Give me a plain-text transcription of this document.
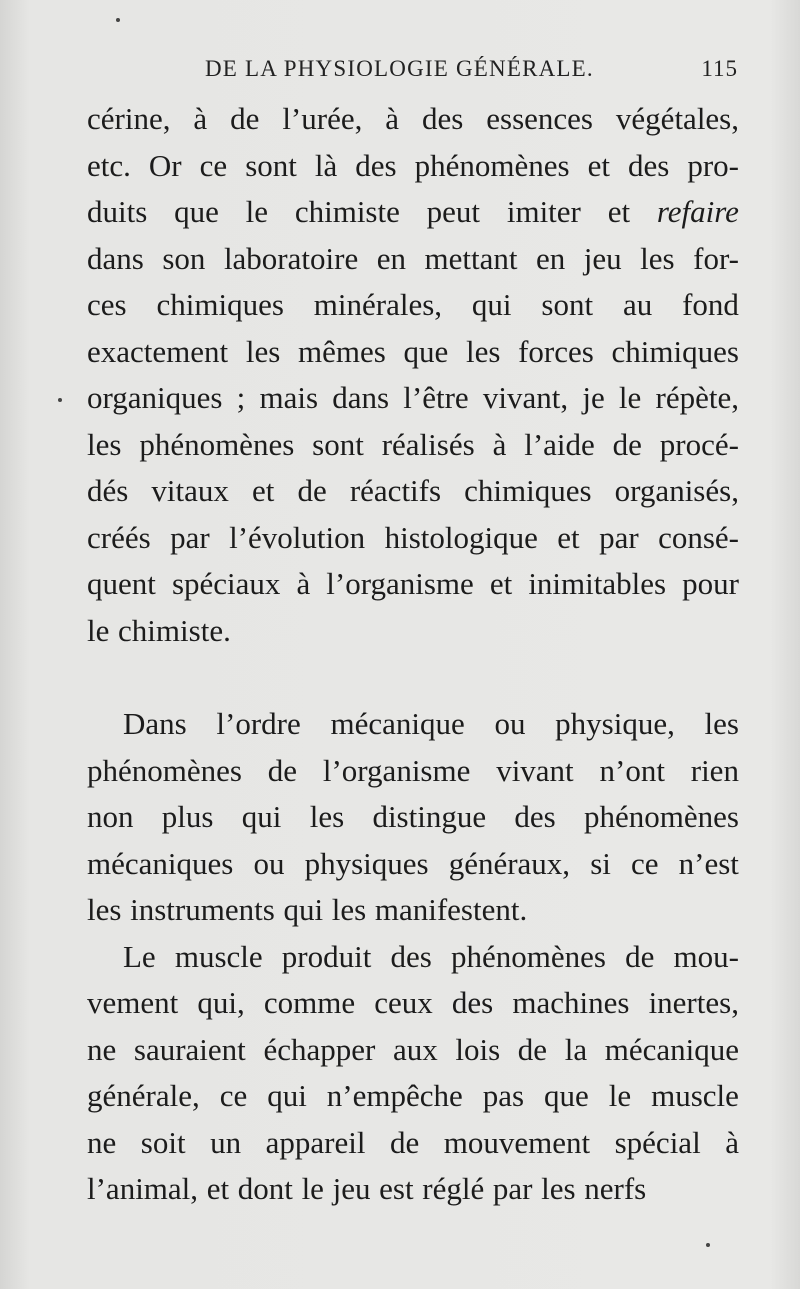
DE LA PHYSIOLOGIE GÉNÉRALE.	115
cérine, à de l’urée, à des essences végétales,
etc. Or ce sont là des phénomènes et des pro-
duits que le chimiste peut imiter et refaire
dans son laboratoire en mettant en jeu les for-
ces chimiques minérales, qui sont au fond
exactement les mêmes que les forces chimiques
organiques ; mais dans l’être vivant, je le répète,
les phénomènes sont réalisés à l’aide de procé-
dés vitaux et de réactifs chimiques organisés,
créés par l’évolution histologique et par consé-
quent spéciaux à l’organisme et inimitables pour
le chimiste.
Dans l’ordre mécanique ou physique, les
phénomènes de l’organisme vivant n’ont rien
non plus qui les distingue des phénomènes
mécaniques ou physiques généraux, si ce n’est
les instruments qui les manifestent.
Le muscle produit des phénomènes de mou-
vement qui, comme ceux des machines inertes,
ne sauraient échapper aux lois de la mécanique
générale, ce qui n’empêche pas que le muscle
ne soit un appareil de mouvement spécial à
l’animal, et dont le jeu est réglé par les nerfs
